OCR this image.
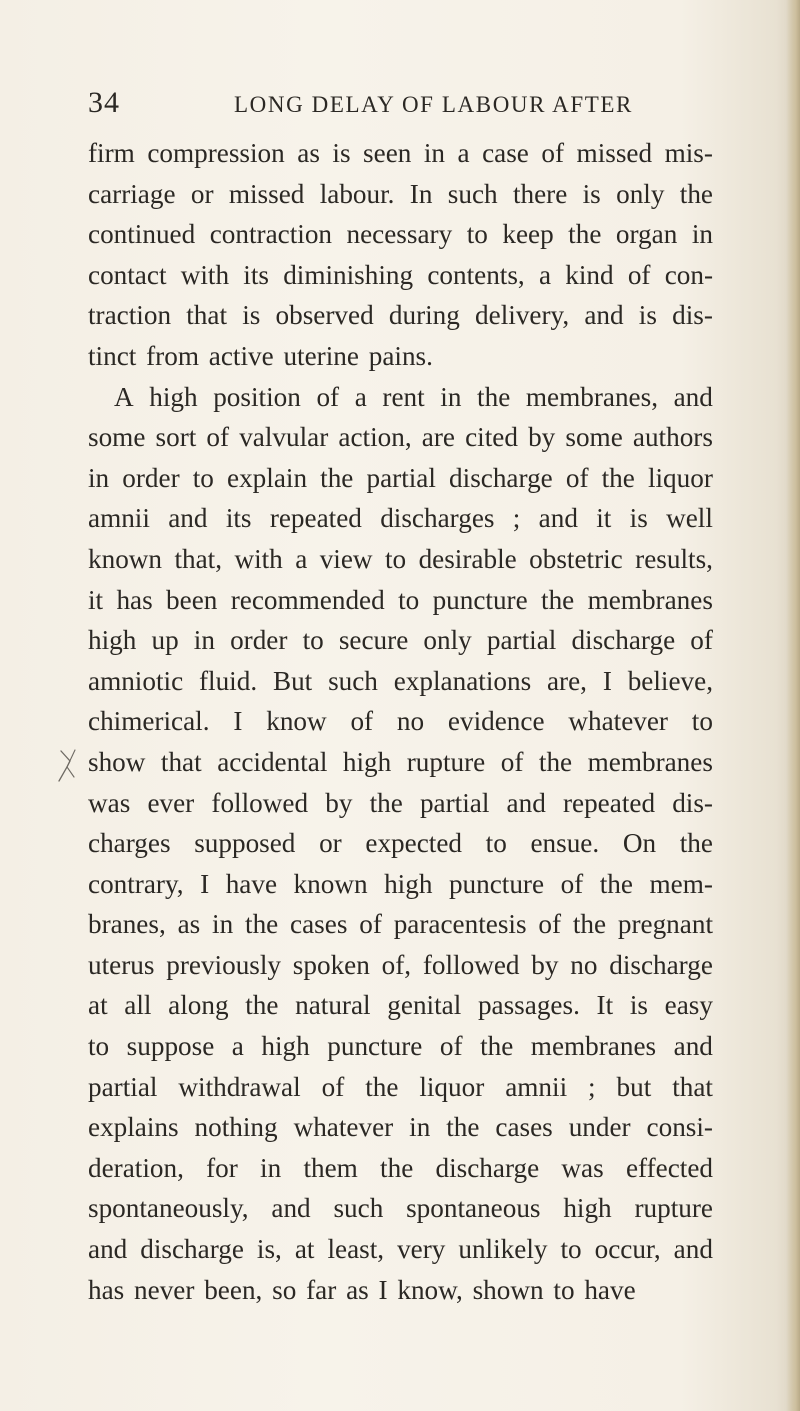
34	LONG DELAY OF LABOUR AFTER
firm compression as is seen in a case of missed mis-
carriage or missed labour. In such there is only the
continued contraction necessary to keep the organ in
contact with its diminishing contents, a kind of con-
traction that is observed during delivery, and is dis-
tinct from active uterine pains.
A high position of a rent in the membranes, and
some sort of valvular action, are cited by some authors
in order to explain the partial discharge of the liquor
amnii and its repeated discharges ; and it is well
known that, with a view to desirable obstetric results,
it has been recommended to puncture the membranes
high up in order to secure only partial discharge of
amniotic fluid. But such explanations are, I believe,
chimerical. I know of no evidence whatever to
show that accidental high rupture of the membranes
was ever followed by the partial and repeated dis-
charges supposed or expected to ensue. On the
contrary, I have known high puncture of the mem-
branes, as in the cases of paracentesis of the pregnant
uterus previously spoken of, followed by no discharge
at all along the natural genital passages. It is easy
to suppose a high puncture of the membranes and
partial withdrawal of the liquor amnii ; but that
explains nothing whatever in the cases under consi-
deration, for in them the discharge was effected
spontaneously, and such spontaneous high rupture
and discharge is, at least, very unlikely to occur, and
has never been, so far as I know, shown to have
